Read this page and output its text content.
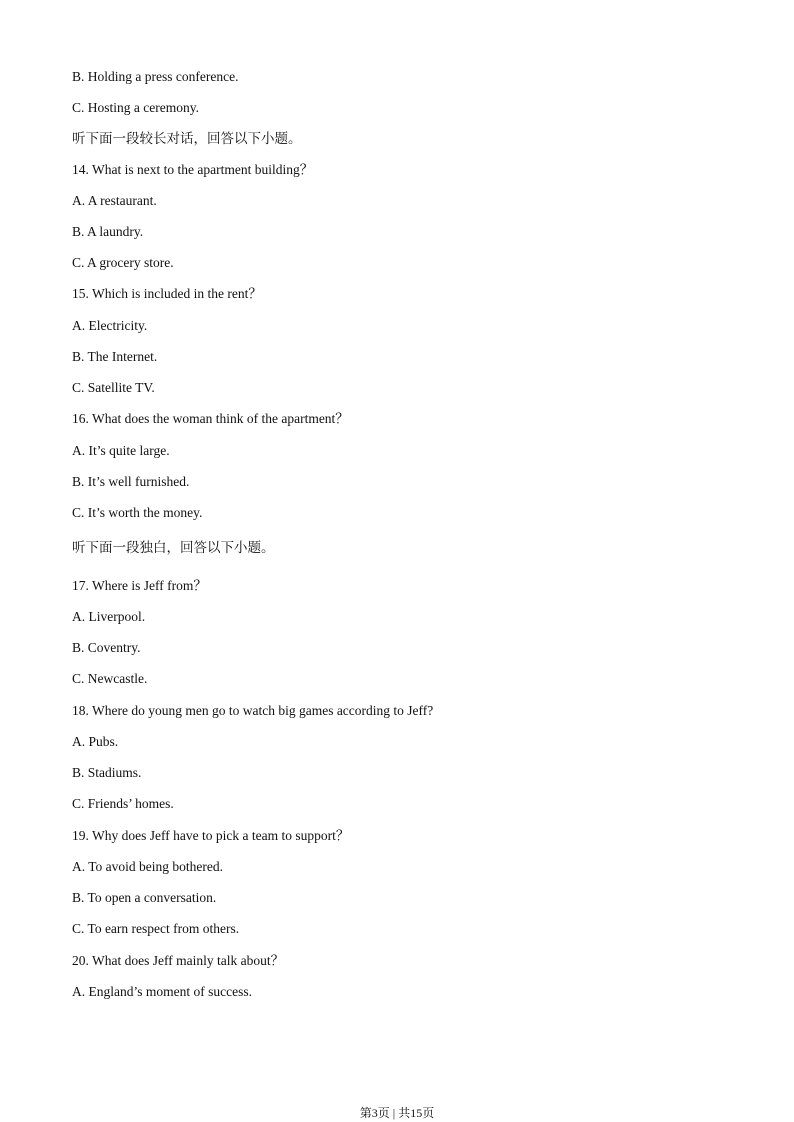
B. Holding a press conference.
C. Hosting a ceremony.
听下面一段较长对话，回答以下小题。
14. What is next to the apartment building？
A. A restaurant.
B. A laundry.
C. A grocery store.
15. Which is included in the rent？
A. Electricity.
B. The Internet.
C. Satellite TV.
16. What does the woman think of the apartment？
A. It’s quite large.
B. It’s well furnished.
C. It’s worth the money.
听下面一段独白，回答以下小题。
17. Where is Jeff from？
A. Liverpool.
B. Coventry.
C. Newcastle.
18. Where do young men go to watch big games according to Jeff?
A. Pubs.
B. Stadiums.
C. Friends’ homes.
19. Why does Jeff have to pick a team to support？
A. To avoid being bothered.
B. To open a conversation.
C. To earn respect from others.
20. What does Jeff mainly talk about？
A. England’s moment of success.
第3页 | 共15页
